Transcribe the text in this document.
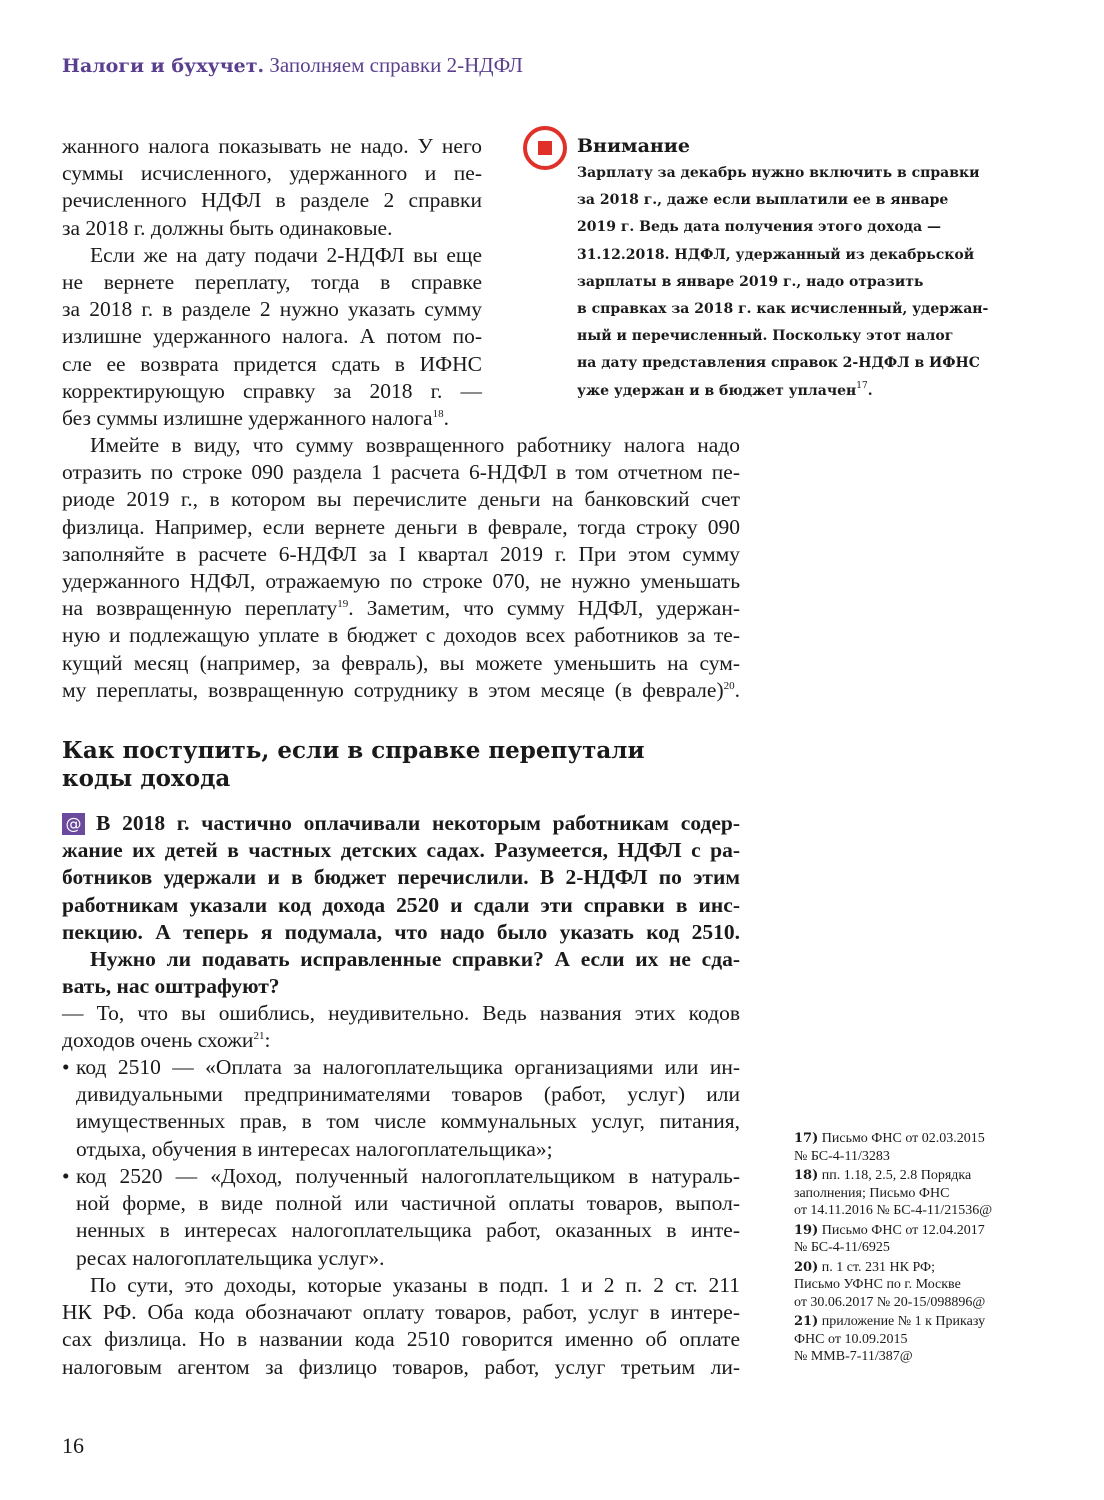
Налоги и бухучет. Заполняем справки 2-НДФЛ
жанного налога показывать не надо. У него
суммы исчисленного, удержанного и пе-
речисленного НДФЛ в разделе 2 справки
за 2018 г. должны быть одинаковые.
Если же на дату подачи 2-НДФЛ вы еще
не вернете переплату, тогда в справке
за 2018 г. в разделе 2 нужно указать сумму
излишне удержанного налога. А потом по-
сле ее возврата придется сдать в ИФНС
корректирующую справку за 2018 г. —
без суммы излишне удержанного налога$^{18}$.
Имейте в виду, что сумму возвращенного работнику налога надо
отразить по строке 090 раздела 1 расчета 6-НДФЛ в том отчетном пе-
риоде 2019 г., в котором вы перечислите деньги на банковский счет
физлица. Например, если вернете деньги в феврале, тогда строку 090
заполняйте в расчете 6-НДФЛ за I квартал 2019 г. При этом сумму
удержанного НДФЛ, отражаемую по строке 070, не нужно уменьшать
на возвращенную переплату$^{19}$. Заметим, что сумму НДФЛ, удержан-
ную и подлежащую уплате в бюджет с доходов всех работников за те-
кущий месяц (например, за февраль), вы можете уменьшить на сум-
му переплаты, возвращенную сотруднику в этом месяце (в феврале)$^{20}$.
Как поступить, если в справке перепутали
коды дохода
@ В 2018 г. частично оплачивали некоторым работникам содер-
жание их детей в частных детских садах. Разумеется, НДФЛ с ра-
ботников удержали и в бюджет перечислили. В 2-НДФЛ по этим
работникам указали код дохода 2520 и сдали эти справки в инс-
пекцию. А теперь я подумала, что надо было указать код 2510.
Нужно ли подавать исправленные справки? А если их не сда-
вать, нас оштрафуют?
— То, что вы ошиблись, неудивительно. Ведь названия этих кодов
доходов очень схожи$^{21}$:
• код 2510 — «Оплата за налогоплательщика организациями или ин-
дивидуальными предпринимателями товаров (работ, услуг) или
имущественных прав, в том числе коммунальных услуг, питания,
отдыха, обучения в интересах налогоплательщика»;
• код 2520 — «Доход, полученный налогоплательщиком в натураль-
ной форме, в виде полной или частичной оплаты товаров, выпол-
ненных в интересах налогоплательщика работ, оказанных в инте-
ресах налогоплательщика услуг».
По сути, это доходы, которые указаны в подп. 1 и 2 п. 2 ст. 211
НК РФ. Оба кода обозначают оплату товаров, работ, услуг в интере-
сах физлица. Но в названии кода 2510 говорится именно об оплате
налоговым агентом за физлицо товаров, работ, услуг третьим ли-
Внимание
Зарплату за декабрь нужно включить в справки
за 2018 г., даже если выплатили ее в январе
2019 г. Ведь дата получения этого дохода —
31.12.2018. НДФЛ, удержанный из декабрьской
зарплаты в январе 2019 г., надо отразить
в справках за 2018 г. как исчисленный, удержан-
ный и перечисленный. Поскольку этот налог
на дату представления справок 2-НДФЛ в ИФНС
уже удержан и в бюджет уплачен$^{17}$.
17) Письмо ФНС от 02.03.2015
№ БС-4-11/3283
18) пп. 1.18, 2.5, 2.8 Порядка
заполнения; Письмо ФНС
от 14.11.2016 № БС-4-11/21536@
19) Письмо ФНС от 12.04.2017
№ БС-4-11/6925
20) п. 1 ст. 231 НК РФ;
Письмо УФНС по г. Москве
от 30.06.2017 № 20-15/098896@
21) приложение № 1 к Приказу
ФНС от 10.09.2015
№ ММВ-7-11/387@
16
